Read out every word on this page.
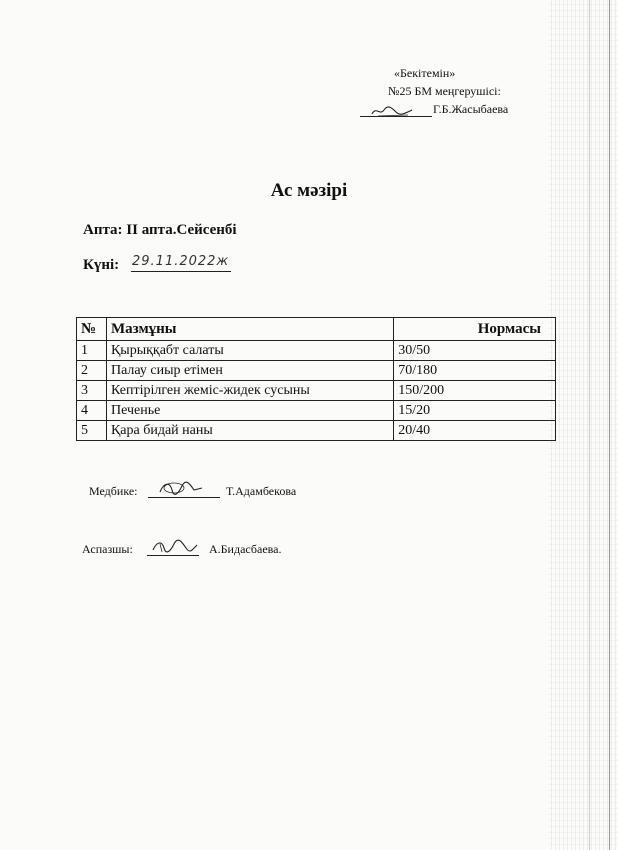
«Бекітемін»
№25 БМ меңгерушісі:
Г.Б.Жасыбаева
Ас мәзірі
Апта: ІІ апта.Сейсенбі
Күні: 29.11.2022ж
№	Мазмұны	Нормасы
1	Қырыққабт салаты	30/50
2	Палау сиыр етімен	70/180
3	Кептірілген жеміс-жидек сусыны	150/200
4	Печенье	15/20
5	Қара бидай наны	20/40
Медбике:	Т.Адамбекова
Аспазшы:	А.Бидасбаева.
